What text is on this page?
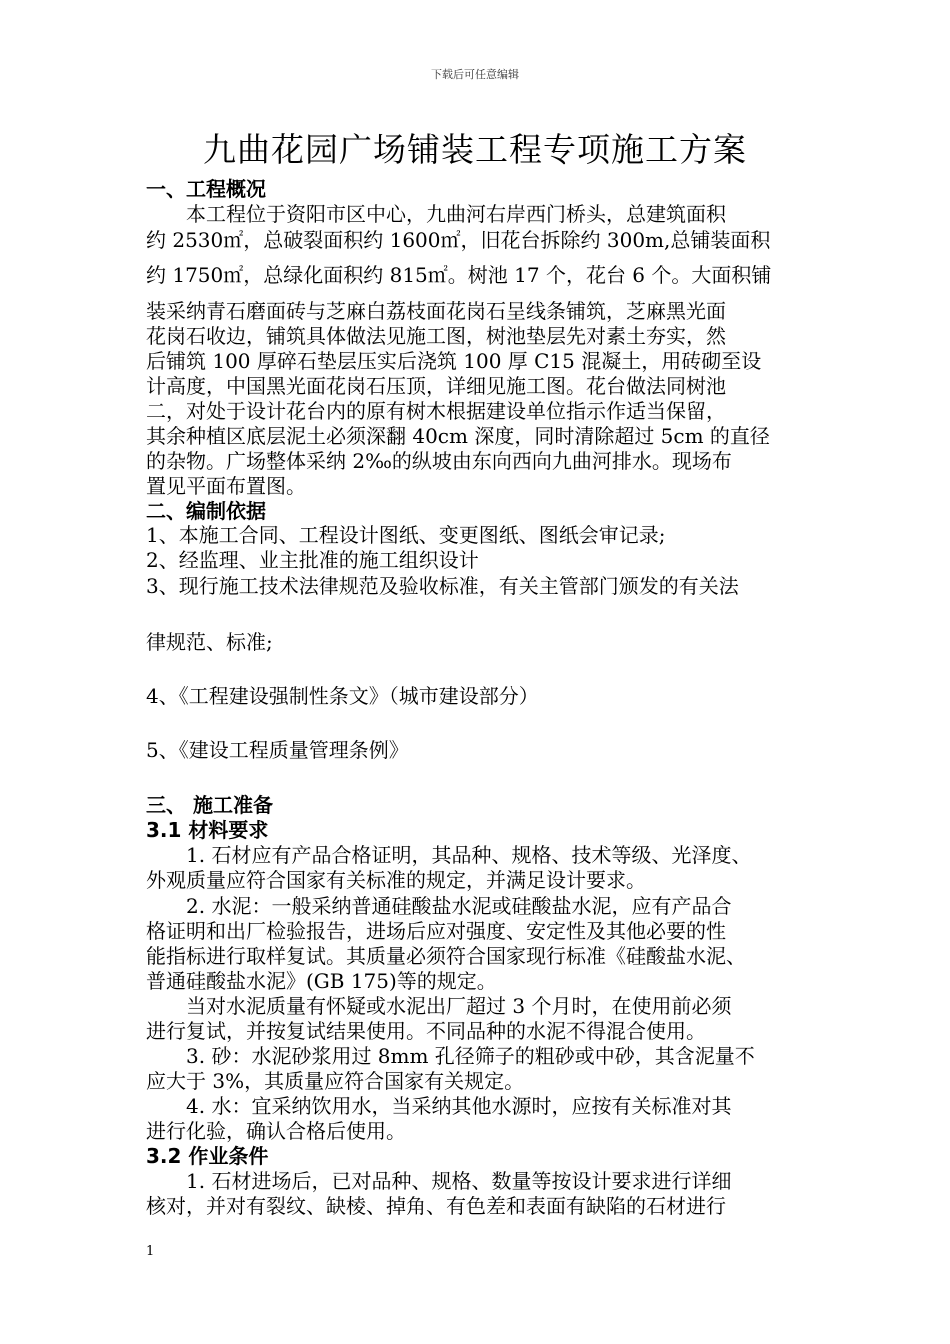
下载后可任意编辑
九曲花园广场铺装工程专项施工方案
一、工程概况
本工程位于资阳市区中心，九曲河右岸西门桥头，总建筑面积
约 2530㎡，总破裂面积约 1600㎡，旧花台拆除约 300m,总铺装面积
约 1750㎡，总绿化面积约 815㎡。树池 17 个，花台 6 个。大面积铺
装采纳青石磨面砖与芝麻白荔枝面花岗石呈线条铺筑，芝麻黑光面
花岗石收边，铺筑具体做法见施工图，树池垫层先对素土夯实，然
后铺筑 100 厚碎石垫层压实后浇筑 100 厚 C15 混凝土，用砖砌至设
计高度，中国黑光面花岗石压顶，详细见施工图。花台做法同树池
二，对处于设计花台内的原有树木根据建设单位指示作适当保留，
其余种植区底层泥土必须深翻 40cm 深度，同时清除超过 5cm 的直径
的杂物。广场整体采纳 2‰的纵坡由东向西向九曲河排水。现场布
置见平面布置图。
二、编制依据
1、本施工合同、工程设计图纸、变更图纸、图纸会审记录;
2、经监理、业主批准的施工组织设计
3、现行施工技术法律规范及验收标准，有关主管部门颁发的有关法
律规范、标准;
4、《工程建设强制性条文》（城市建设部分）
5、《建设工程质量管理条例》
三、 施工准备
3.1 材料要求
1. 石材应有产品合格证明，其品种、规格、技术等级、光泽度、
外观质量应符合国家有关标准的规定，并满足设计要求。
2. 水泥：一般采纳普通硅酸盐水泥或硅酸盐水泥，应有产品合
格证明和出厂检验报告，进场后应对强度、安定性及其他必要的性
能指标进行取样复试。其质量必须符合国家现行标准《硅酸盐水泥、
普通硅酸盐水泥》(GB 175)等的规定。
当对水泥质量有怀疑或水泥出厂超过 3 个月时，在使用前必须
进行复试，并按复试结果使用。不同品种的水泥不得混合使用。
3. 砂：水泥砂浆用过 8mm 孔径筛子的粗砂或中砂，其含泥量不
应大于 3%，其质量应符合国家有关规定。
4. 水：宜采纳饮用水，当采纳其他水源时，应按有关标准对其
进行化验，确认合格后使用。
3.2 作业条件
1. 石材进场后，已对品种、规格、数量等按设计要求进行详细
核对，并对有裂纹、缺棱、掉角、有色差和表面有缺陷的石材进行
1
